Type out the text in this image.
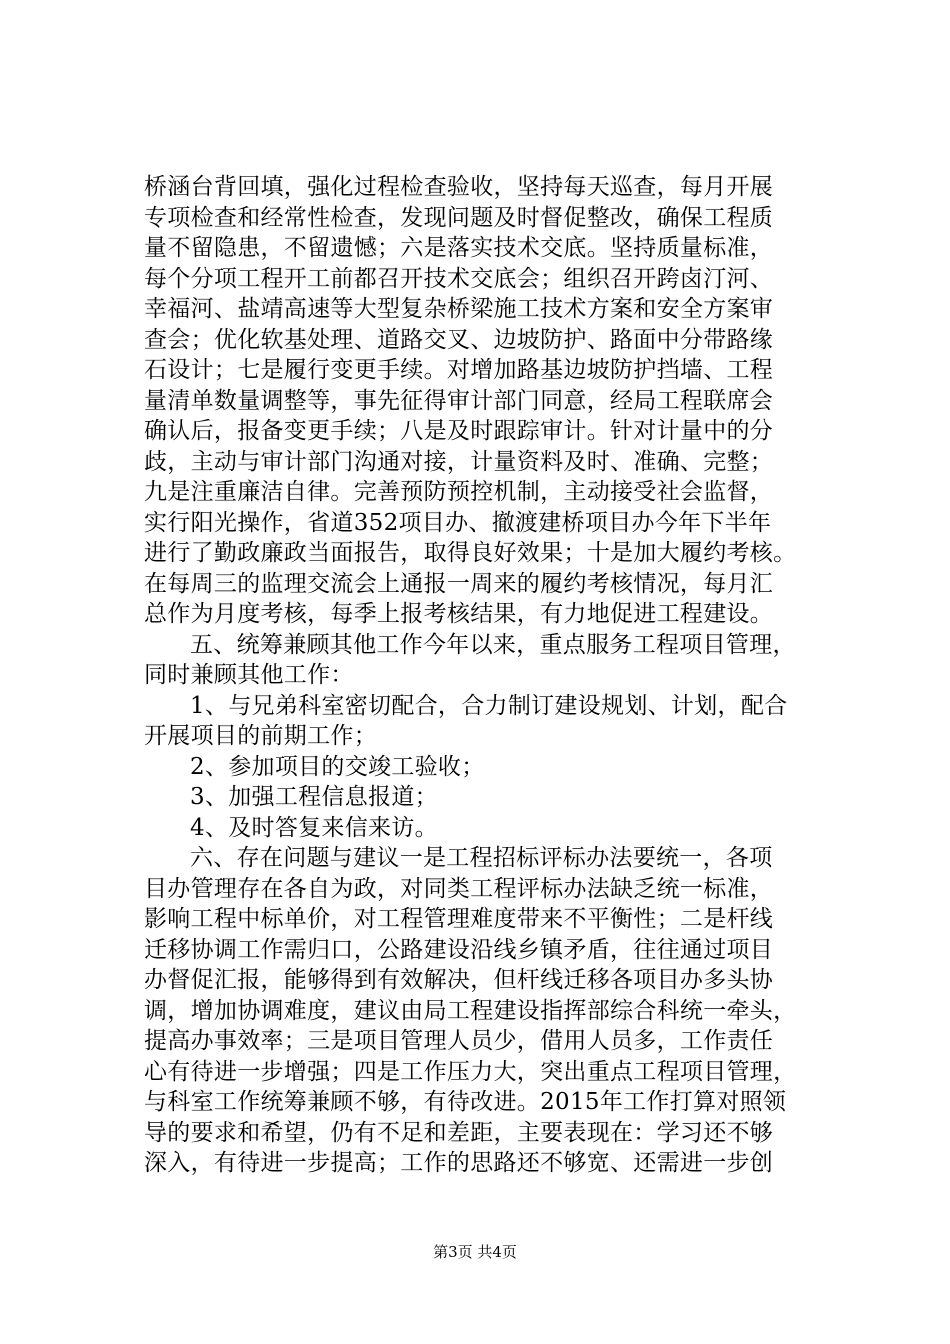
桥涵台背回填，强化过程检查验收，坚持每天巡查，每月开展
专项检查和经常性检查，发现问题及时督促整改，确保工程质
量不留隐患，不留遗憾；六是落实技术交底。坚持质量标准，
每个分项工程开工前都召开技术交底会；组织召开跨卤汀河、
幸福河、盐靖高速等大型复杂桥梁施工技术方案和安全方案审
查会；优化软基处理、道路交叉、边坡防护、路面中分带路缘
石设计；七是履行变更手续。对增加路基边坡防护挡墙、工程
量清单数量调整等，事先征得审计部门同意，经局工程联席会
确认后，报备变更手续；八是及时跟踪审计。针对计量中的分
歧，主动与审计部门沟通对接，计量资料及时、准确、完整；
九是注重廉洁自律。完善预防预控机制，主动接受社会监督，
实行阳光操作，省道352项目办、撤渡建桥项目办今年下半年
进行了勤政廉政当面报告，取得良好效果；十是加大履约考核。
在每周三的监理交流会上通报一周来的履约考核情况，每月汇
总作为月度考核，每季上报考核结果，有力地促进工程建设。
五、统筹兼顾其他工作今年以来，重点服务工程项目管理，
同时兼顾其他工作：
1、与兄弟科室密切配合，合力制订建设规划、计划，配合
开展项目的前期工作；
2、参加项目的交竣工验收；
3、加强工程信息报道；
4、及时答复来信来访。
六、存在问题与建议一是工程招标评标办法要统一，各项
目办管理存在各自为政，对同类工程评标办法缺乏统一标准，
影响工程中标单价，对工程管理难度带来不平衡性；二是杆线
迁移协调工作需归口，公路建设沿线乡镇矛盾，往往通过项目
办督促汇报，能够得到有效解决，但杆线迁移各项目办多头协
调，增加协调难度，建议由局工程建设指挥部综合科统一牵头，
提高办事效率；三是项目管理人员少，借用人员多，工作责任
心有待进一步增强；四是工作压力大，突出重点工程项目管理，
与科室工作统筹兼顾不够，有待改进。2015年工作打算对照领
导的要求和希望，仍有不足和差距，主要表现在：学习还不够
深入，有待进一步提高；工作的思路还不够宽、还需进一步创
第3页 共4页
